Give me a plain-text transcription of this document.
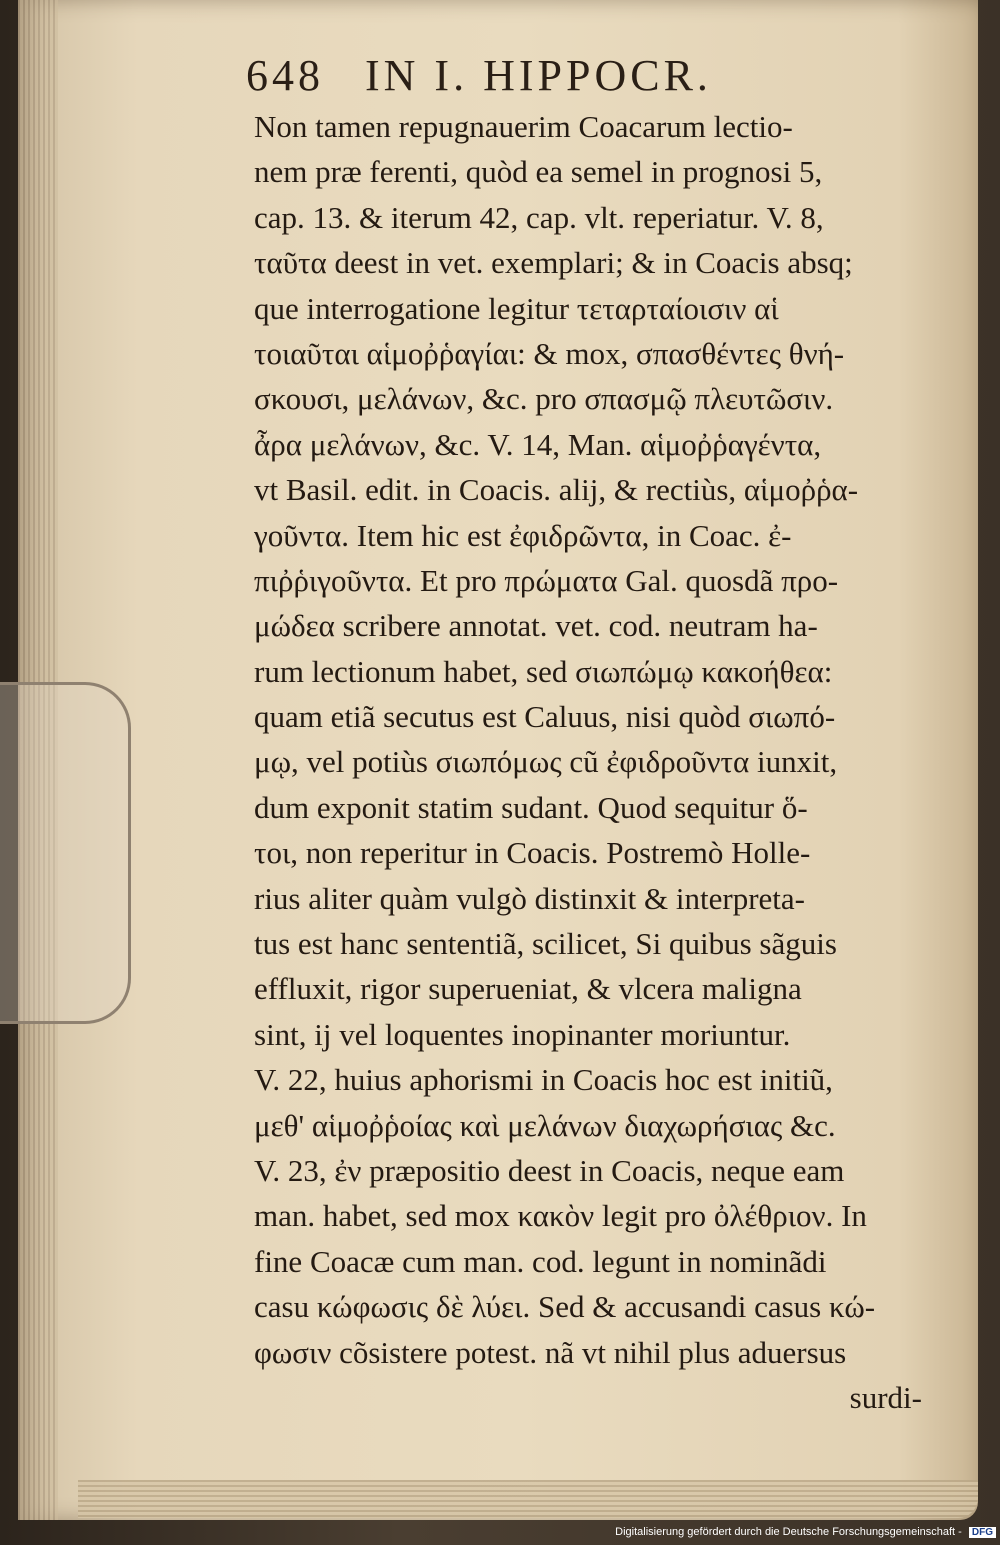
648 IN I. HIPPOCR.
Non tamen repugnauerim Coacarum lectio-
nem præ ferenti, quòd ea semel in prognosi 5,
cap. 13. & iterum 42, cap. vlt. reperiatur. V. 8,
ταῦτα deest in vet. exemplari; & in Coacis absq;
que interrogatione legitur τεταρταίοισιν αἱ
τοιαῦται αἱμοῤῥαγίαι: & mox, σπασθέντες θνή-
σκουσι, μελάνων, &c. pro σπασμῷ πλευτῶσιν.
ἆρα μελάνων, &c. V. 14, Man. αἱμοῤῥαγέντα,
vt Basil. edit. in Coacis. alij, & rectiùs, αἱμοῤῥα-
γοῦντα. Item hic est ἐφιδρῶντα, in Coac. ἐ-
πιῤῥιγοῦντα. Et pro πρώματα Gal. quosdã προ-
μώδεα scribere annotat. vet. cod. neutram ha-
rum lectionum habet, sed σιωπώμῳ κακοήθεα:
quam etiã secutus est Caluus, nisi quòd σιωπό-
μῳ, vel potiùs σιωπόμως cũ ἐφιδροῦντα iunxit,
dum exponit statim sudant. Quod sequitur ὅ-
τοι, non reperitur in Coacis. Postremò Holle-
rius aliter quàm vulgò distinxit & interpreta-
tus est hanc sententiã, scilicet, Si quibus sãguis
effluxit, rigor superueniat, & vlcera maligna
sint, ij vel loquentes inopinanter moriuntur.
V. 22, huius aphorismi in Coacis hoc est initiũ,
μεθ' αἱμοῤῥοίας καὶ μελάνων διαχωρήσιας &c.
V. 23, ἐν præpositio deest in Coacis, neque eam
man. habet, sed mox κακὸν legit pro ὀλέθριον. In
fine Coacæ cum man. cod. legunt in nominãdi
casu κώφωσις δὲ λύει. Sed & accusandi casus κώ-
φωσιν cõsistere potest. nã vt nihil plus aduersus
surdi-
Digitalisierung gefördert durch die Deutsche Forschungsgemeinschaft - DFG
